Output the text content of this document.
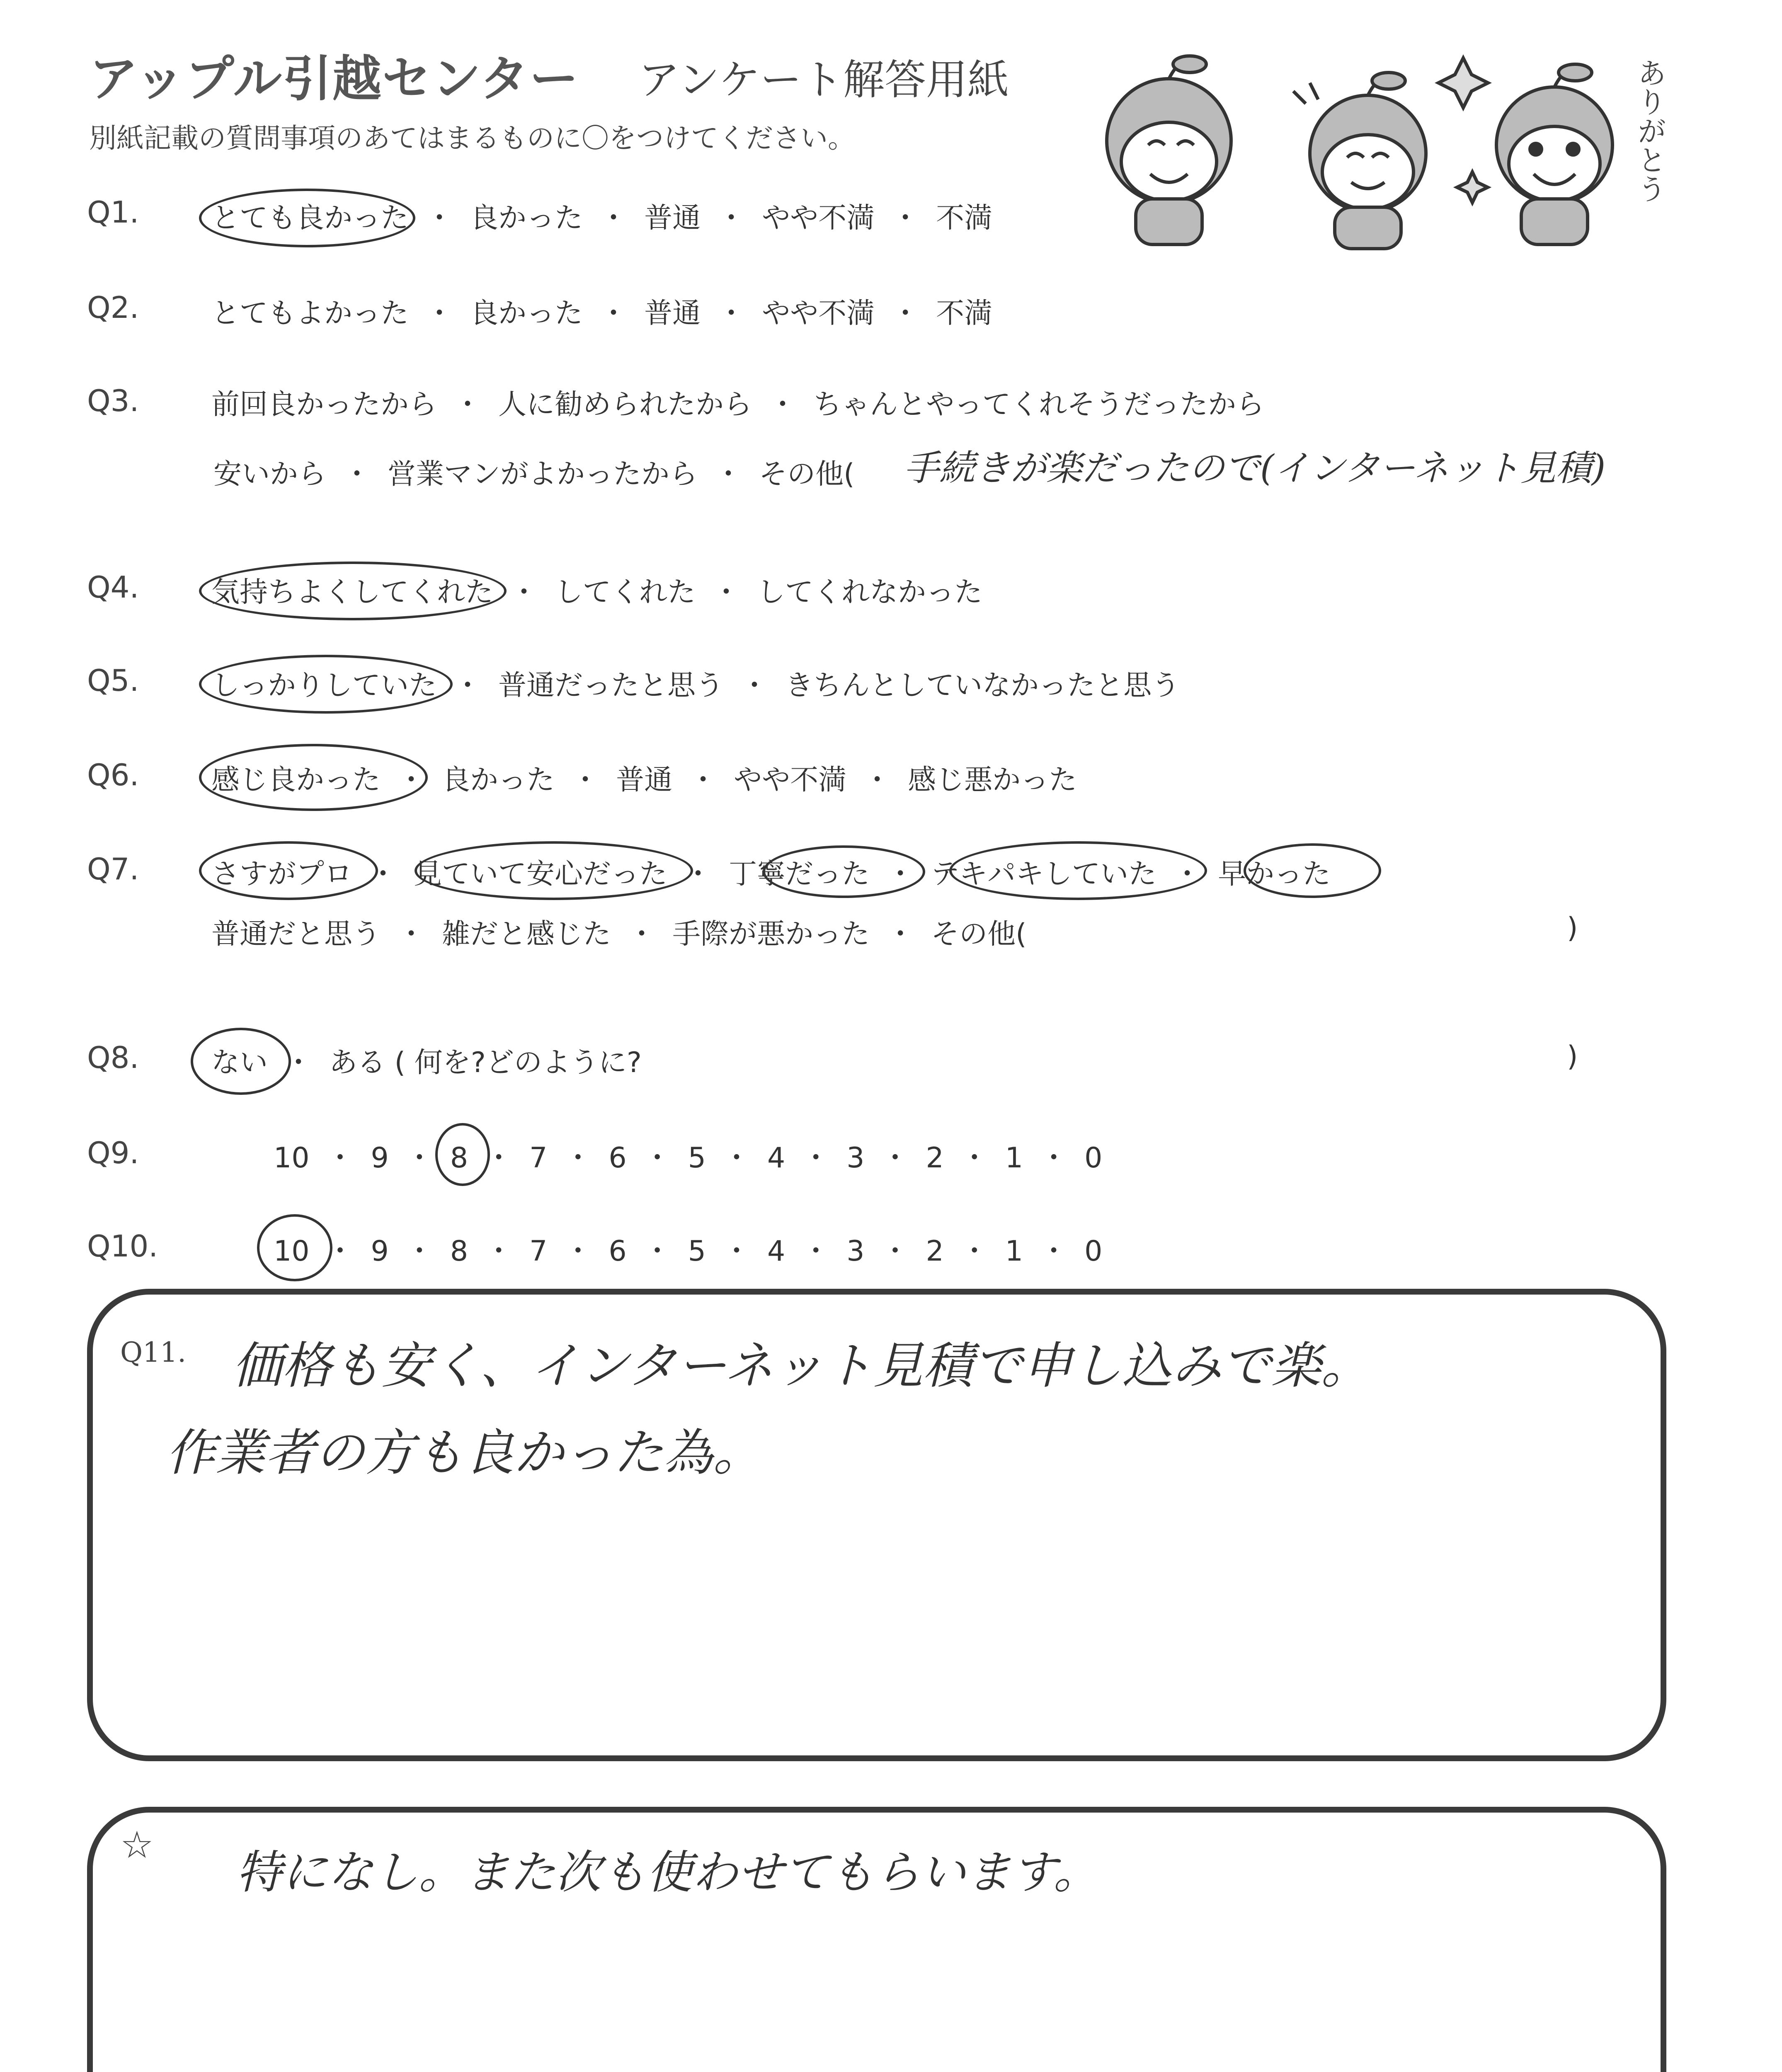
アップル引越センター アンケート解答用紙
別紙記載の質問事項のあてはまるものに〇をつけてください。	ありがとう
Q1.	とても良かった ・ 良かった ・ 普通 ・ やや不満 ・ 不満
Q2.	とてもよかった ・ 良かった ・ 普通 ・ やや不満 ・ 不満
Q3.	前回良かったから ・ 人に勧められたから ・ ちゃんとやってくれそうだったから
安いから ・ 営業マンがよかったから ・ その他( 手続きが楽だったので(インターネット見積)
Q4.	気持ちよくしてくれた ・ してくれた ・ してくれなかった
Q5.	しっかりしていた ・ 普通だったと思う ・ きちんとしていなかったと思う
Q6.	感じ良かった ・ 良かった ・ 普通 ・ やや不満 ・ 感じ悪かった
Q7.	さすがプロ ・ 見ていて安心だった ・ 丁寧だった ・ テキパキしていた ・ 早かった
普通だと思う ・ 雑だと感じた ・ 手際が悪かった ・ その他(	)
Q8.	ない ・ ある ( 何を?どのように?	)
Q9.	10 ・ 9 ・ 8 ・ 7 ・ 6 ・ 5 ・ 4 ・ 3 ・ 2 ・ 1 ・ 0
Q10.	10 ・ 9 ・ 8 ・ 7 ・ 6 ・ 5 ・ 4 ・ 3 ・ 2 ・ 1 ・ 0
Q11. 価格も安く、インターネット見積で申し込みで楽。
作業者の方も良かった為。
☆
特になし。また次も使わせてもらいます。
